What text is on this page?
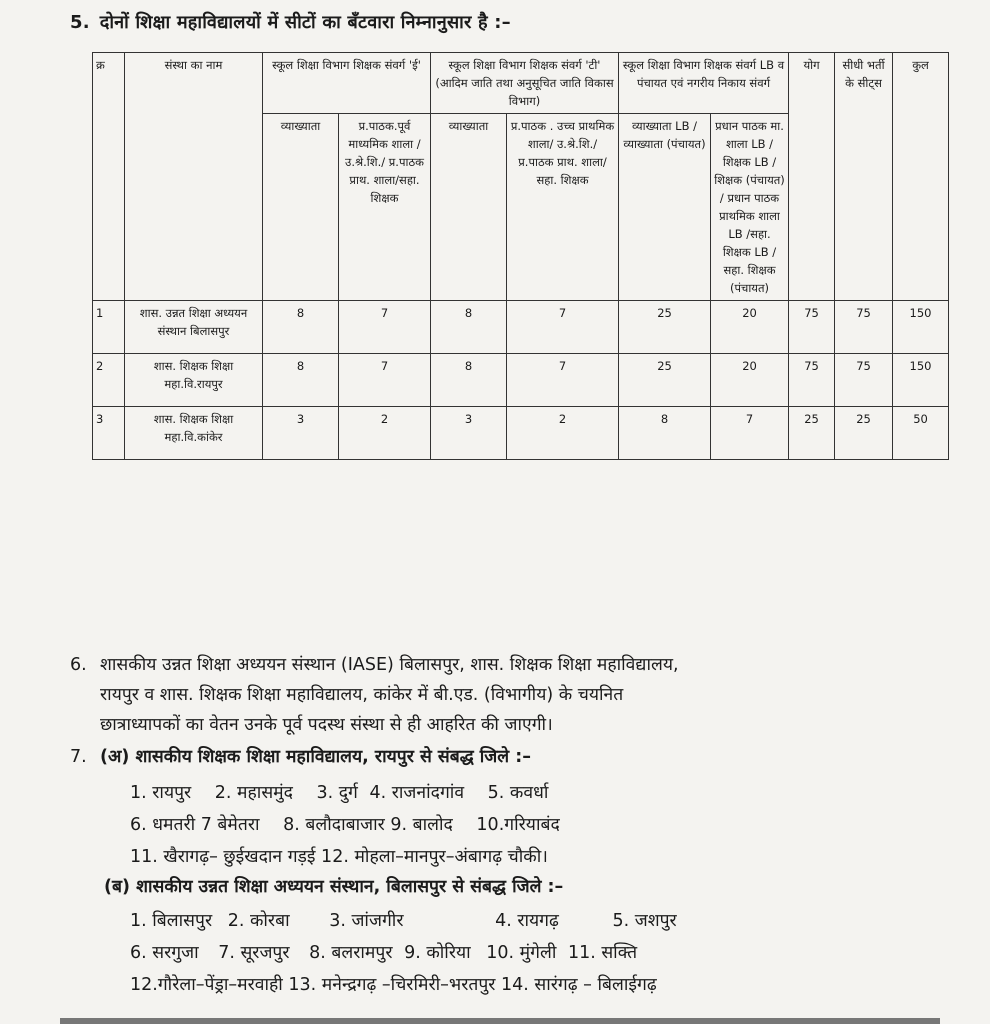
5. दोनों शिक्षा महाविद्यालयों में सीटों का बँटवारा निम्नानुसार है :–
क्र	संस्था का नाम	स्कूल शिक्षा विभाग शिक्षक संवर्ग 'ई'		स्कूल शिक्षा विभाग शिक्षक संवर्ग 'टी' (आदिम जाति तथा अनुसूचित जाति विकास विभाग)		स्कूल शिक्षा विभाग शिक्षक संवर्ग LB व पंचायत एवं नगरीय निकाय संवर्ग		योग	सीधी भर्ती के सीट्स	कुल
		व्याख्याता	प्र.पाठक.पूर्व माध्यमिक शाला /उ.श्रे.शि./ प्र.पाठक प्राथ. शाला/सहा. शिक्षक	व्याख्याता	प्र.पाठक . उच्च प्राथमिक शाला/ उ.श्रे.शि./ प्र.पाठक प्राथ. शाला/सहा. शिक्षक	व्याख्याता LB /व्याख्याता (पंचायत)	प्रधान पाठक मा. शाला LB /शिक्षक LB / शिक्षक (पंचायत) / प्रधान पाठक प्राथमिक शाला LB /सहा. शिक्षक LB /सहा. शिक्षक (पंचायत)			
1	शास. उन्नत शिक्षा अध्ययन संस्थान बिलासपुर	8	7	8	7	25	20	75	75	150
2	शास. शिक्षक शिक्षा महा.वि.रायपुर	8	7	8	7	25	20	75	75	150
3	शास. शिक्षक शिक्षा महा.वि.कांकेर	3	2	3	2	8	7	25	25	50
6. शासकीय उन्नत शिक्षा अध्ययन संस्थान (IASE) बिलासपुर, शास. शिक्षक शिक्षा महाविद्यालय,
रायपुर व शास. शिक्षक शिक्षा महाविद्यालय, कांकेर में बी.एड. (विभागीय) के चयनित
छात्राध्यापकों का वेतन उनके पूर्व पदस्थ संस्था से ही आहरित की जाएगी।
7. (अ) शासकीय शिक्षक शिक्षा महाविद्यालय, रायपुर से संबद्ध जिले :–
1. रायपुर 2. महासमुंद 3. दुर्ग 4. राजनांदगांव 5. कवर्धा
6. धमतरी 7 बेमेतरा 8. बलौदाबाजार 9. बालोद 10.गरियाबंद
11. खैरागढ़– छुईखदान गड़ई 12. मोहला–मानपुर–अंबागढ़ चौकी।
(ब) शासकीय उन्नत शिक्षा अध्ययन संस्थान, बिलासपुर से संबद्ध जिले :–
1. बिलासपुर 2. कोरबा 3. जांजगीर	4. रायगढ़	5. जशपुर
6. सरगुजा 7. सूरजपुर 8. बलरामपुर 9. कोरिया 10. मुंगेली 11. सक्ति
12.गौरेला–पेंड्रा–मरवाही 13. मनेन्द्रगढ़ –चिरमिरी–भरतपुर 14. सारंगढ़ – बिलाईगढ़
